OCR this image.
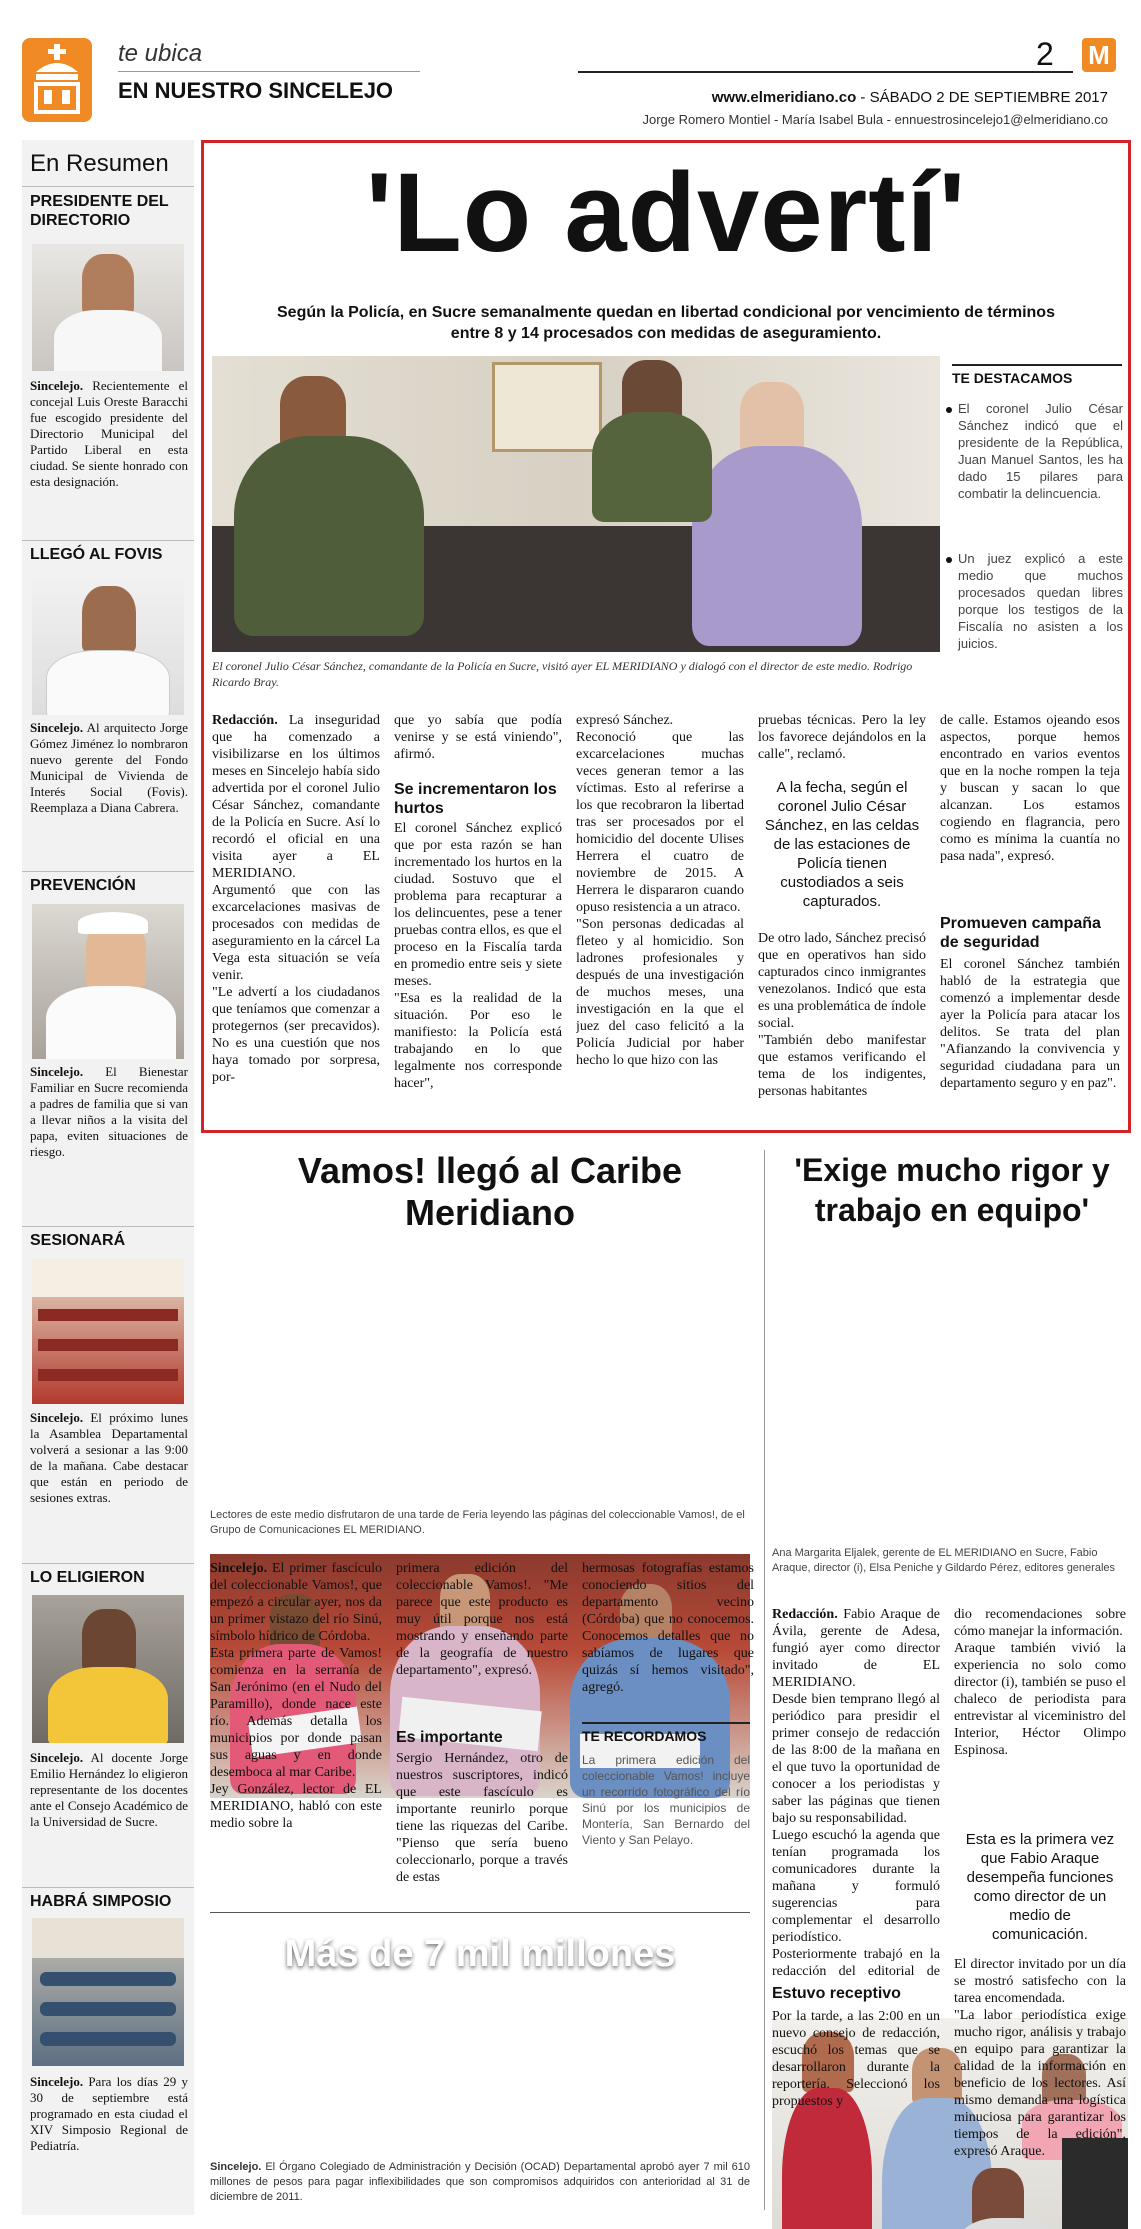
te ubica
EN NUESTRO SINCELEJO
2 M
www.elmeridiano.co - SÁBADO 2 DE SEPTIEMBRE 2017
Jorge Romero Montiel - María Isabel Bula - ennuestrosincelejo1@elmeridiano.co
En Resumen
PRESIDENTE DEL DIRECTORIO
Sincelejo. Recientemente el concejal Luis Oreste Baracchi fue escogido presidente del Directorio Municipal del Partido Liberal en esta ciudad. Se siente honrado con esta designación.
LLEGÓ AL FOVIS
Sincelejo. Al arquitecto Jorge Gómez Jiménez lo nombraron nuevo gerente del Fondo Municipal de Vivienda de Interés Social (Fovis). Reemplaza a Diana Cabrera.
PREVENCIÓN
Sincelejo. El Bienestar Familiar en Sucre recomienda a padres de familia que si van a llevar niños a la visita del papa, eviten situaciones de riesgo.
SESIONARÁ
Sincelejo. El próximo lunes la Asamblea Departamental volverá a sesionar a las 9:00 de la mañana. Cabe destacar que están en periodo de sesiones extras.
LO ELIGIERON
Sincelejo. Al docente Jorge Emilio Hernández lo eligieron representante de los docentes ante el Consejo Académico de la Universidad de Sucre.
HABRÁ SIMPOSIO
Sincelejo. Para los días 29 y 30 de septiembre está programado en esta ciudad el XIV Simposio Regional de Pediatría.
'Lo advertí'
Según la Policía, en Sucre semanalmente quedan en libertad condicional por vencimiento de términos entre 8 y 14 procesados con medidas de aseguramiento.
El coronel Julio César Sánchez, comandante de la Policía en Sucre, visitó ayer EL MERIDIANO y dialogó con el director de este medio. Rodrigo Ricardo Bray.
TE DESTACAMOS
El coronel Julio César Sánchez indicó que el presidente de la República, Juan Manuel Santos, les ha dado 15 pilares para combatir la delincuencia.
Un juez explicó a este medio que muchos procesados quedan libres porque los testigos de la Fiscalía no asisten a los juicios.
Redacción. La inseguridad que ha comenzado a visibilizarse en los últimos meses en Sincelejo había sido advertida por el coronel Julio César Sánchez, comandante de la Policía en Sucre. Así lo recordó el oficial en una visita ayer a EL MERIDIANO.
Argumentó que con las excarcelaciones masivas de procesados con medidas de aseguramiento en la cárcel La Vega esta situación se veía venir.
"Le advertí a los ciudadanos que teníamos que comenzar a protegernos (ser precavidos). No es una cuestión que nos haya tomado por sorpresa, por-
que yo sabía que podía venirse y se está viniendo", afirmó.
Se incrementaron los hurtos
El coronel Sánchez explicó que por esta razón se han incrementado los hurtos en la ciudad. Sostuvo que el problema para recapturar a los delincuentes, pese a tener pruebas contra ellos, es que el proceso en la Fiscalía tarda en promedio entre seis y siete meses.
"Esa es la realidad de la situación. Por eso le manifiesto: la Policía está trabajando en lo que legalmente nos corresponde hacer",
expresó Sánchez.
Reconoció que las excarcelaciones muchas veces generan temor a las víctimas. Esto al referirse a los que recobraron la libertad tras ser procesados por el homicidio del docente Ulises Herrera el cuatro de noviembre de 2015. A Herrera le dispararon cuando opuso resistencia a un atraco.
"Son personas dedicadas al fleteo y al homicidio. Son ladrones profesionales y después de una investigación de muchos meses, una investigación en la que el juez del caso felicitó a la Policía Judicial por haber hecho lo que hizo con las
pruebas técnicas. Pero la ley los favorece dejándolos en la calle", reclamó.
A la fecha, según el coronel Julio César Sánchez, en las celdas de las estaciones de Policía tienen custodiados a seis capturados.
De otro lado, Sánchez precisó que en operativos han sido capturados cinco inmigrantes venezolanos. Indicó que esta es una problemática de índole social.
"También debo manifestar que estamos verificando el tema de los indigentes, personas habitantes
de calle. Estamos ojeando esos aspectos, porque hemos encontrado en varios eventos que en la noche rompen la teja y buscan y sacan lo que alcanzan. Los estamos cogiendo en flagrancia, pero como es mínima la cuantía no pasa nada", expresó.
Promueven campaña de seguridad
El coronel Sánchez también habló de la estrategia que comenzó a implementar desde ayer la Policía para atacar los delitos. Se trata del plan "Afianzando la convivencia y seguridad ciudadana para un departamento seguro y en paz".
Vamos! llegó al Caribe Meridiano
Lectores de este medio disfrutaron de una tarde de Feria leyendo las páginas del coleccionable Vamos!, de el Grupo de Comunicaciones EL MERIDIANO.
Sincelejo. El primer fascículo del coleccionable Vamos!, que empezó a circular ayer, nos da un primer vistazo del río Sinú, símbolo hídrico de Córdoba.
Esta primera parte de Vamos! comienza en la serranía de San Jerónimo (en el Nudo del Paramillo), donde nace este río. Además detalla los municipios por donde pasan sus aguas y en donde desemboca al mar Caribe.
Jey González, lector de EL MERIDIANO, habló con este medio sobre la
primera edición del coleccionable Vamos!. "Me parece que este producto es muy útil porque nos está mostrando y enseñando parte de la geografía de nuestro departamento", expresó.
Es importante
Sergio Hernández, otro de nuestros suscriptores, indicó que este fascículo es importante reunirlo porque tiene las riquezas del Caribe. "Pienso que sería bueno coleccionarlo, porque a través de estas
hermosas fotografías estamos conociendo sitios del departamento vecino (Córdoba) que no conocemos. Conocemos detalles que no sabíamos de lugares que quizás sí hemos visitado", agregó.
TE RECORDAMOS
La primera edición del coleccionable Vamos! incluye un recorrido fotográfico del río Sinú por los municipios de Montería, San Bernardo del Viento y San Pelayo.
Más de 7 mil millones
Sincelejo. El Órgano Colegiado de Administración y Decisión (OCAD) Departamental aprobó ayer 7 mil 610 millones de pesos para pagar inflexibilidades que son compromisos adquiridos con anterioridad al 31 de diciembre de 2011.
'Exige mucho rigor y trabajo en equipo'
Ana Margarita Eljalek, gerente de EL MERIDIANO en Sucre, Fabio Araque, director (i), Elsa Peniche y Gildardo Pérez, editores generales
Redacción. Fabio Araque de Ávila, gerente de Adesa, fungió ayer como director invitado de EL MERIDIANO.
Desde bien temprano llegó al periódico para presidir el primer consejo de redacción de las 8:00 de la mañana en el que tuvo la oportunidad de conocer a los periodistas y saber las páginas que tienen bajo su responsabilidad.
Luego escuchó la agenda que tenían programada los comunicadores durante la mañana y formuló sugerencias para complementar el desarrollo periodístico.
Posteriormente trabajó en la redacción del editorial de
Estuvo receptivo
Por la tarde, a las 2:00 en un nuevo consejo de redacción, escuchó los temas que se desarrollaron durante la reportería. Seleccionó los propuestos y
dio recomendaciones sobre cómo manejar la información.
Araque también vivió la experiencia no solo como director (i), también se puso el chaleco de periodista para entrevistar al viceministro del Interior, Héctor Olimpo Espinosa.
Esta es la primera vez que Fabio Araque desempeña funciones como director de un medio de comunicación.
El director invitado por un día se mostró satisfecho con la tarea encomendada.
"La labor periodística exige mucho rigor, análisis y trabajo en equipo para garantizar la calidad de la información en beneficio de los lectores. Así mismo demanda una logística minuciosa para garantizar los tiempos de la edición", expresó Araque.
